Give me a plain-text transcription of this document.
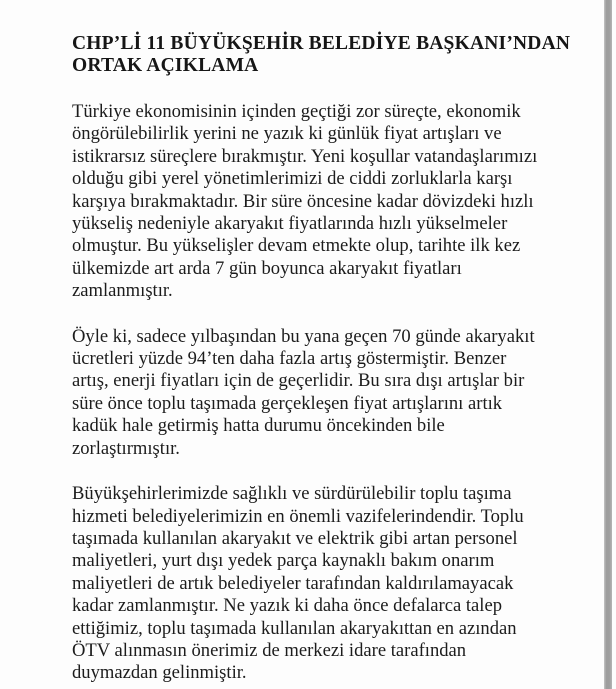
CHP’Lİ 11 BÜYÜKŞEHİR BELEDİYE BAŞKANI’NDAN
ORTAK AÇIKLAMA
Türkiye ekonomisinin içinden geçtiği zor süreçte, ekonomik
öngörülebilirlik yerini ne yazık ki günlük fiyat artışları ve
istikrarsız süreçlere bırakmıştır. Yeni koşullar vatandaşlarımızı
olduğu gibi yerel yönetimlerimizi de ciddi zorluklarla karşı
karşıya bırakmaktadır. Bir süre öncesine kadar dövizdeki hızlı
yükseliş nedeniyle akaryakıt fiyatlarında hızlı yükselmeler
olmuştur. Bu yükselişler devam etmekte olup, tarihte ilk kez
ülkemizde art arda 7 gün boyunca akaryakıt fiyatları
zamlanmıştır.
Öyle ki, sadece yılbaşından bu yana geçen 70 günde akaryakıt
ücretleri yüzde 94’ten daha fazla artış göstermiştir. Benzer
artış, enerji fiyatları için de geçerlidir. Bu sıra dışı artışlar bir
süre önce toplu taşımada gerçekleşen fiyat artışlarını artık
kadük hale getirmiş hatta durumu öncekinden bile
zorlaştırmıştır.
Büyükşehirlerimizde sağlıklı ve sürdürülebilir toplu taşıma
hizmeti belediyelerimizin en önemli vazifelerindendir. Toplu
taşımada kullanılan akaryakıt ve elektrik gibi artan personel
maliyetleri, yurt dışı yedek parça kaynaklı bakım onarım
maliyetleri de artık belediyeler tarafından kaldırılamayacak
kadar zamlanmıştır. Ne yazık ki daha önce defalarca talep
ettiğimiz, toplu taşımada kullanılan akaryakıttan en azından
ÖTV alınmasın önerimiz de merkezi idare tarafından
duymazdan gelinmiştir.
